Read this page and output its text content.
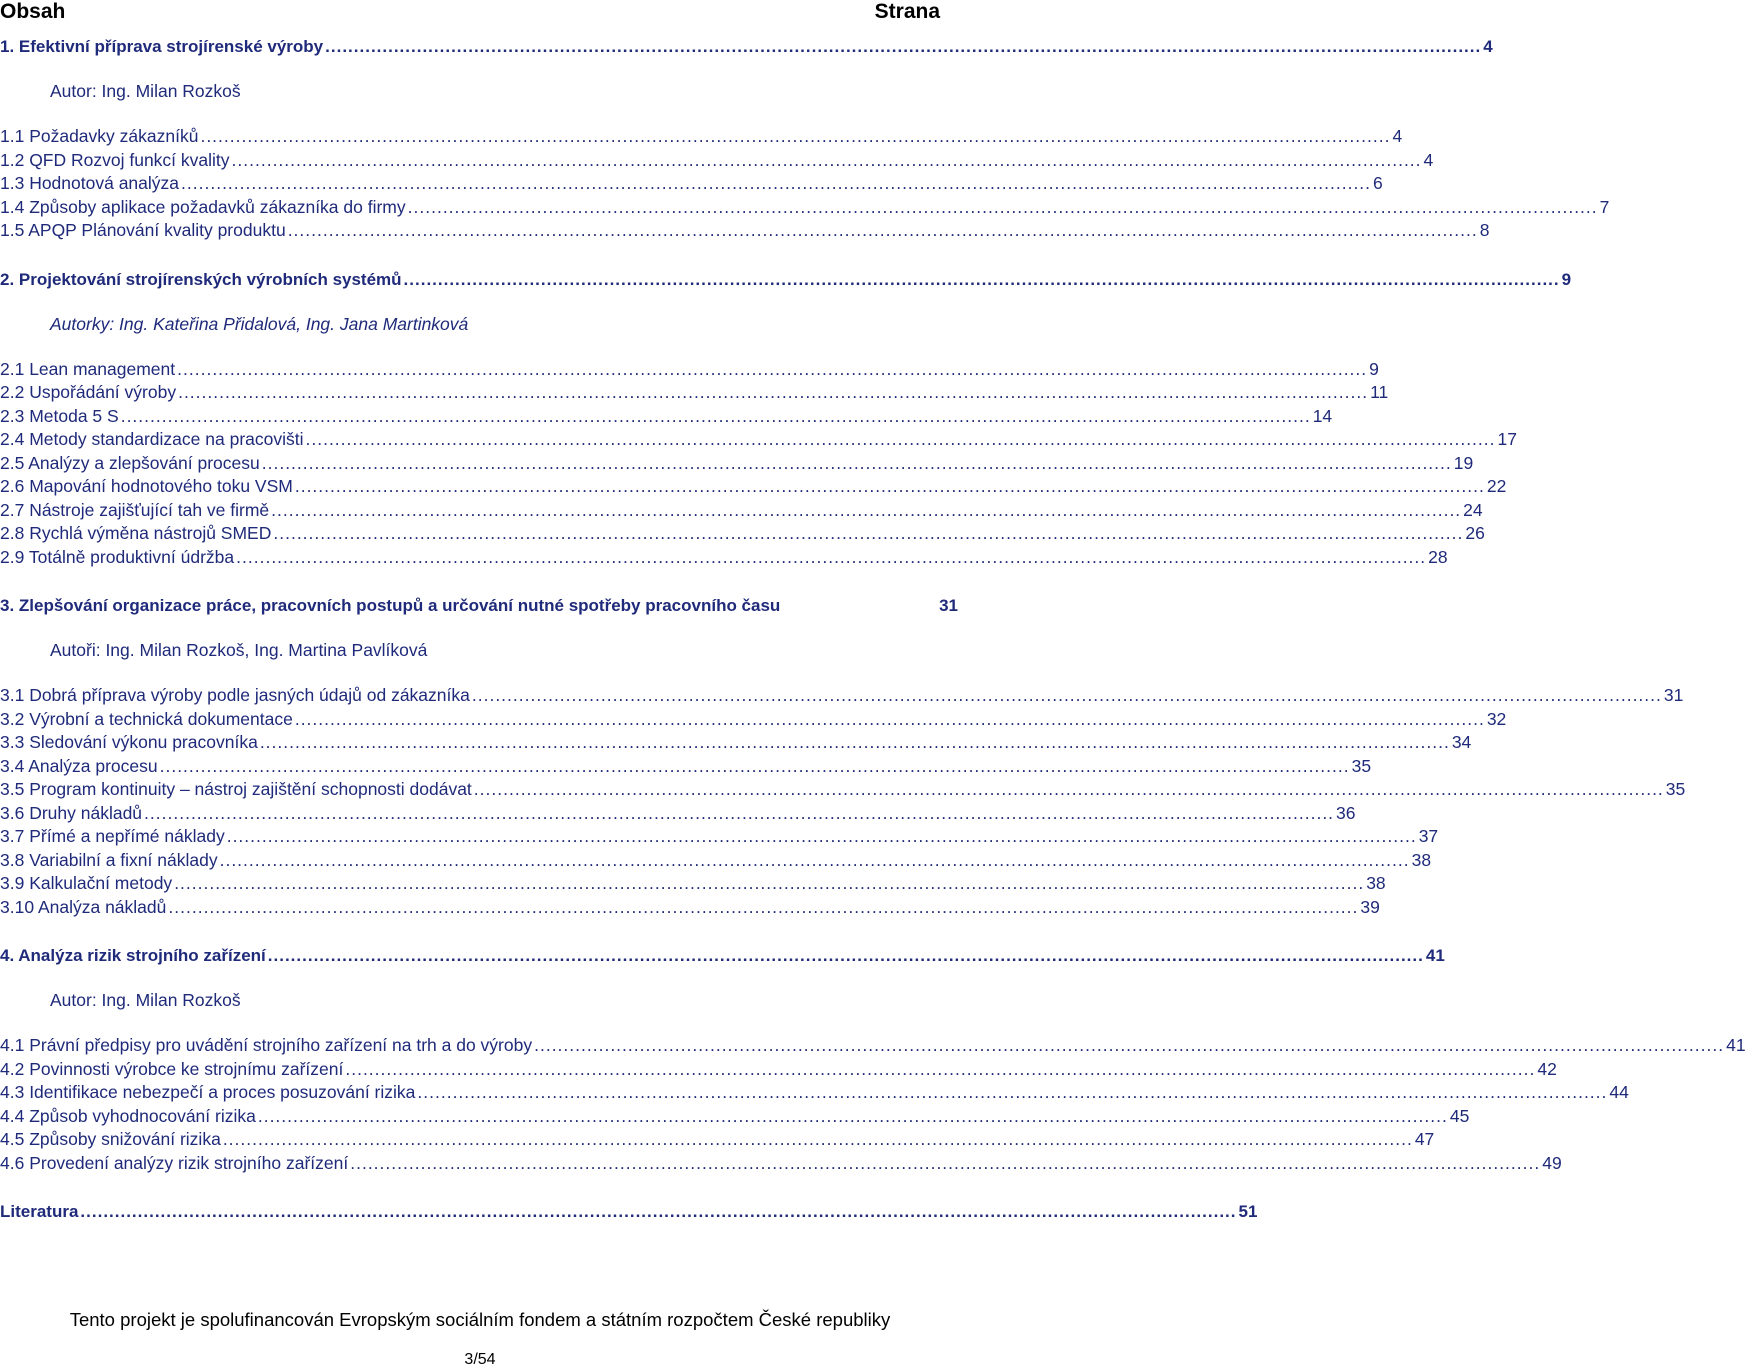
Obsah	Strana
1. Efektivní příprava strojírenské výroby .......................................................................................................................................................................................................... 4
Autor: Ing. Milan Rozkoš
1.1 Požadavky zákazníků ........................................................................................................................................................................................................... 4
1.2 QFD Rozvoj funkcí kvality ........................................................................................................................................................................................................... 4
1.3 Hodnotová analýza ........................................................................................................................................................................................................... 6
1.4 Způsoby aplikace požadavků zákazníka do firmy ........................................................................................................................................................................................................... 7
1.5 APQP Plánování kvality produktu ........................................................................................................................................................................................................... 8
2. Projektování strojírenských výrobních systémů .......................................................................................................................................................................................................... 9
Autorky: Ing. Kateřina Přidalová, Ing. Jana Martinková
2.1 Lean management ........................................................................................................................................................................................................... 9
2.2 Uspořádání výroby ........................................................................................................................................................................................................... 11
2.3 Metoda 5 S ........................................................................................................................................................................................................... 14
2.4 Metody standardizace na pracovišti ........................................................................................................................................................................................................... 17
2.5 Analýzy a zlepšování procesu ........................................................................................................................................................................................................... 19
2.6 Mapování hodnotového toku VSM ........................................................................................................................................................................................................... 22
2.7 Nástroje zajišťující tah ve firmě ........................................................................................................................................................................................................... 24
2.8 Rychlá výměna nástrojů SMED ........................................................................................................................................................................................................... 26
2.9 Totálně produktivní údržba ........................................................................................................................................................................................................... 28
3. Zlepšování organizace práce, pracovních postupů a určování nutné spotřeby pracovního času	31
Autoři: Ing. Milan Rozkoš, Ing. Martina Pavlíková
3.1 Dobrá příprava výroby podle jasných údajů od zákazníka ........................................................................................................................................................................................................... 31
3.2 Výrobní a technická dokumentace ........................................................................................................................................................................................................... 32
3.3 Sledování výkonu pracovníka ........................................................................................................................................................................................................... 34
3.4 Analýza procesu ........................................................................................................................................................................................................... 35
3.5 Program kontinuity – nástroj zajištění schopnosti dodávat ........................................................................................................................................................................................................... 35
3.6 Druhy nákladů ........................................................................................................................................................................................................... 36
3.7 Přímé a nepřímé náklady ........................................................................................................................................................................................................... 37
3.8 Variabilní a fixní náklady ........................................................................................................................................................................................................... 38
3.9 Kalkulační metody ........................................................................................................................................................................................................... 38
3.10 Analýza nákladů ........................................................................................................................................................................................................... 39
4. Analýza rizik strojního zařízení .......................................................................................................................................................................................................... 41
Autor: Ing. Milan Rozkoš
4.1 Právní předpisy pro uvádění strojního zařízení na trh a do výroby ........................................................................................................................................................................................................... 41
4.2 Povinnosti výrobce ke strojnímu zařízení ........................................................................................................................................................................................................... 42
4.3 Identifikace nebezpečí a proces posuzování rizika ........................................................................................................................................................................................................... 44
4.4 Způsob vyhodnocování rizika ........................................................................................................................................................................................................... 45
4.5 Způsoby snižování rizika ........................................................................................................................................................................................................... 47
4.6 Provedení analýzy rizik strojního zařízení ........................................................................................................................................................................................................... 49
Literatura .......................................................................................................................................................................................................... 51
Tento projekt je spolufinancován Evropským sociálním fondem a státním rozpočtem České republiky
3/54
